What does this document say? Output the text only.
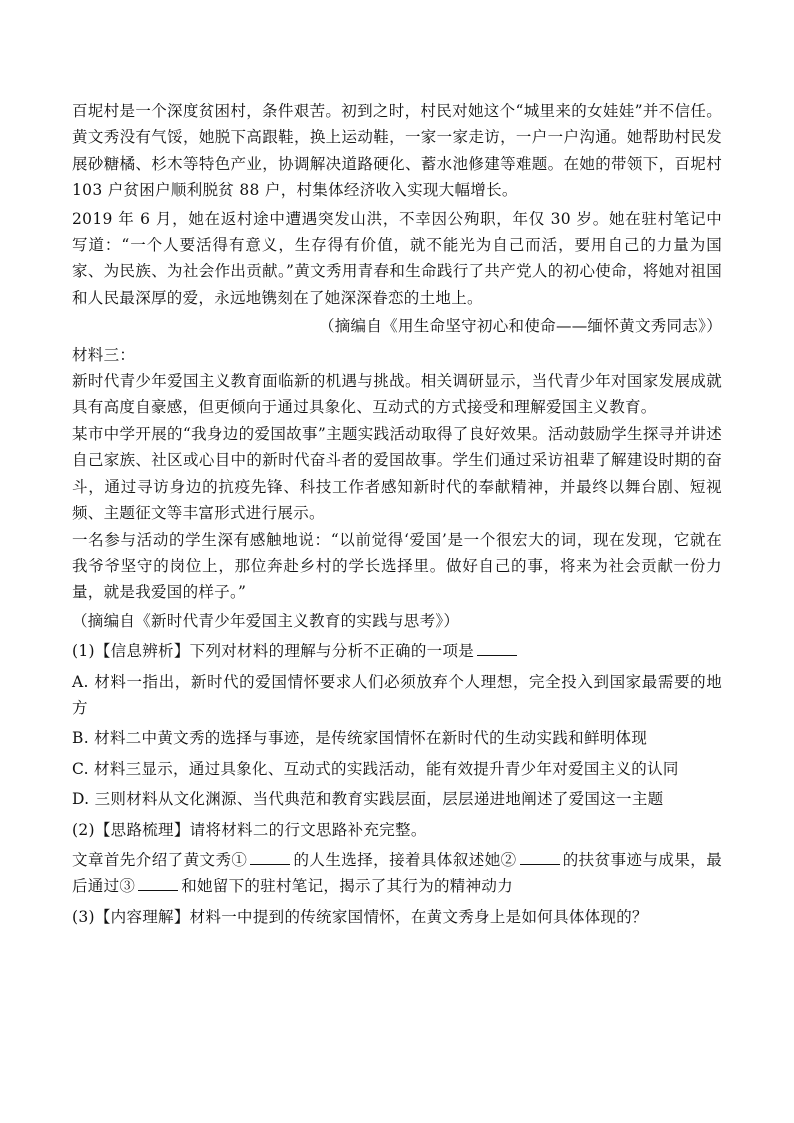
百坭村是一个深度贫困村，条件艰苦。初到之时，村民对她这个“城里来的女娃娃”并不信任。黄文秀没有气馁，她脱下高跟鞋，换上运动鞋，一家一家走访，一户一户沟通。她帮助村民发展砂糖橘、杉木等特色产业，协调解决道路硬化、蓄水池修建等难题。在她的带领下，百坭村 103 户贫困户顺利脱贫 88 户，村集体经济收入实现大幅增长。

2019 年 6 月，她在返村途中遭遇突发山洪，不幸因公殉职，年仅 30 岁。她在驻村笔记中写道：“一个人要活得有意义，生存得有价值，就不能光为自己而活，要用自己的力量为国家、为民族、为社会作出贡献。”黄文秀用青春和生命践行了共产党人的初心使命，将她对祖国和人民最深厚的爱，永远地镌刻在了她深深眷恋的土地上。

（摘编自《用生命坚守初心和使命——缅怀黄文秀同志》）

材料三：

新时代青少年爱国主义教育面临新的机遇与挑战。相关调研显示，当代青少年对国家发展成就具有高度自豪感，但更倾向于通过具象化、互动式的方式接受和理解爱国主义教育。

某市中学开展的“我身边的爱国故事”主题实践活动取得了良好效果。活动鼓励学生探寻并讲述自己家族、社区或心目中的新时代奋斗者的爱国故事。学生们通过采访祖辈了解建设时期的奋斗，通过寻访身边的抗疫先锋、科技工作者感知新时代的奉献精神，并最终以舞台剧、短视频、主题征文等丰富形式进行展示。

一名参与活动的学生深有感触地说：“以前觉得‘爱国’是一个很宏大的词，现在发现，它就在我爷爷坚守的岗位上，那位奔赴乡村的学长选择里。做好自己的事，将来为社会贡献一份力量，就是我爱国的样子。”

（摘编自《新时代青少年爱国主义教育的实践与思考》）

(1)【信息辨析】下列对材料的理解与分析不正确的一项是

A. 材料一指出，新时代的爱国情怀要求人们必须放弃个人理想，完全投入到国家最需要的地方

B. 材料二中黄文秀的选择与事迹，是传统家国情怀在新时代的生动实践和鲜明体现

C. 材料三显示，通过具象化、互动式的实践活动，能有效提升青少年对爱国主义的认同

D. 三则材料从文化渊源、当代典范和教育实践层面，层层递进地阐述了爱国这一主题

(2)【思路梳理】请将材料二的行文思路补充完整。

文章首先介绍了黄文秀①	的人生选择，接着具体叙述她②	的扶贫事迹与成果，最后通过③	和她留下的驻村笔记，揭示了其行为的精神动力

(3)【内容理解】材料一中提到的传统家国情怀，在黄文秀身上是如何具体体现的？
